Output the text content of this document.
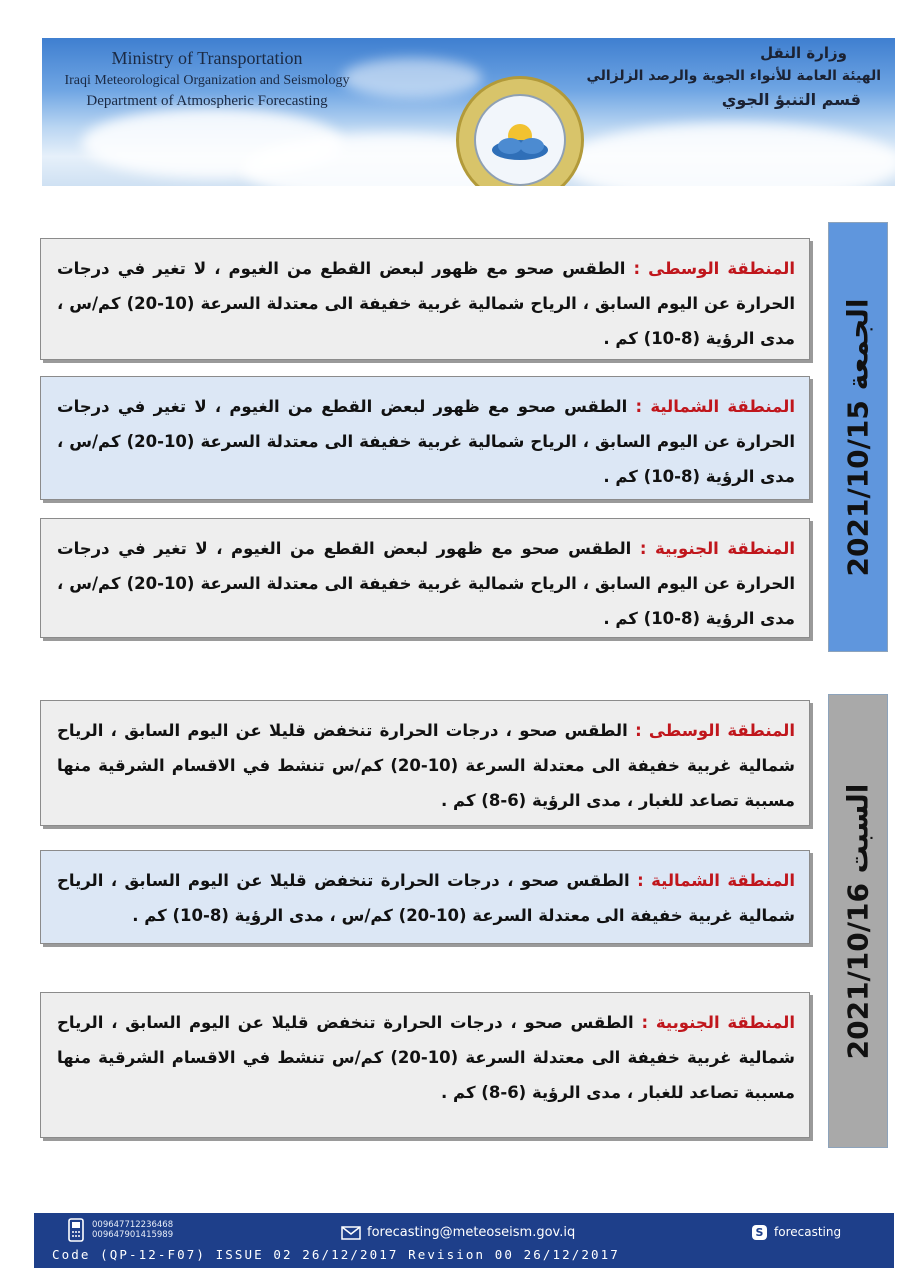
Ministry of Transportation
Iraqi Meteorological Organization and Seismology
Department of Atmospheric Forecasting
وزارة النقل
الهيئة العامة للأنواء الجوية والرصد الزلزالي
قسم التنبؤ الجوي
الجمعة 2021/10/15
المنطقة الوسطى : الطقس صحو مع ظهور لبعض القطع من الغيوم ، لا تغير في درجات الحرارة عن اليوم السابق ، الرياح شمالية غربية خفيفة الى معتدلة السرعة (10-20) كم/س ، مدى الرؤية (8-10) كم .
المنطقة الشمالية : الطقس صحو مع ظهور لبعض القطع من الغيوم ، لا تغير في درجات الحرارة عن اليوم السابق ، الرياح شمالية غربية خفيفة الى معتدلة السرعة (10-20) كم/س ، مدى الرؤية (8-10) كم .
المنطقة الجنوبية : الطقس صحو مع ظهور لبعض القطع من الغيوم ، لا تغير في درجات الحرارة عن اليوم السابق ، الرياح شمالية غربية خفيفة الى معتدلة السرعة (10-20) كم/س ، مدى الرؤية (8-10) كم .
السبت 2021/10/16
المنطقة الوسطى : الطقس صحو ، درجات الحرارة تنخفض قليلا عن اليوم السابق ، الرياح شمالية غربية خفيفة الى معتدلة السرعة (10-20) كم/س تنشط في الاقسام الشرقية منها مسببة تصاعد للغبار ، مدى الرؤية (6-8) كم .
المنطقة الشمالية : الطقس صحو ، درجات الحرارة تنخفض قليلا عن اليوم السابق ، الرياح شمالية غربية خفيفة الى معتدلة السرعة (10-20) كم/س ، مدى الرؤية (8-10) كم .
المنطقة الجنوبية : الطقس صحو ، درجات الحرارة تنخفض قليلا عن اليوم السابق ، الرياح شمالية غربية خفيفة الى معتدلة السرعة (10-20) كم/س تنشط في الاقسام الشرقية منها مسببة تصاعد للغبار ، مدى الرؤية (6-8) كم .
009647712236468
009647901415989	forecasting@meteoseism.gov.iq	S forecasting
Code (QP-12-F07) ISSUE 02 26/12/2017 Revision 00 26/12/2017
